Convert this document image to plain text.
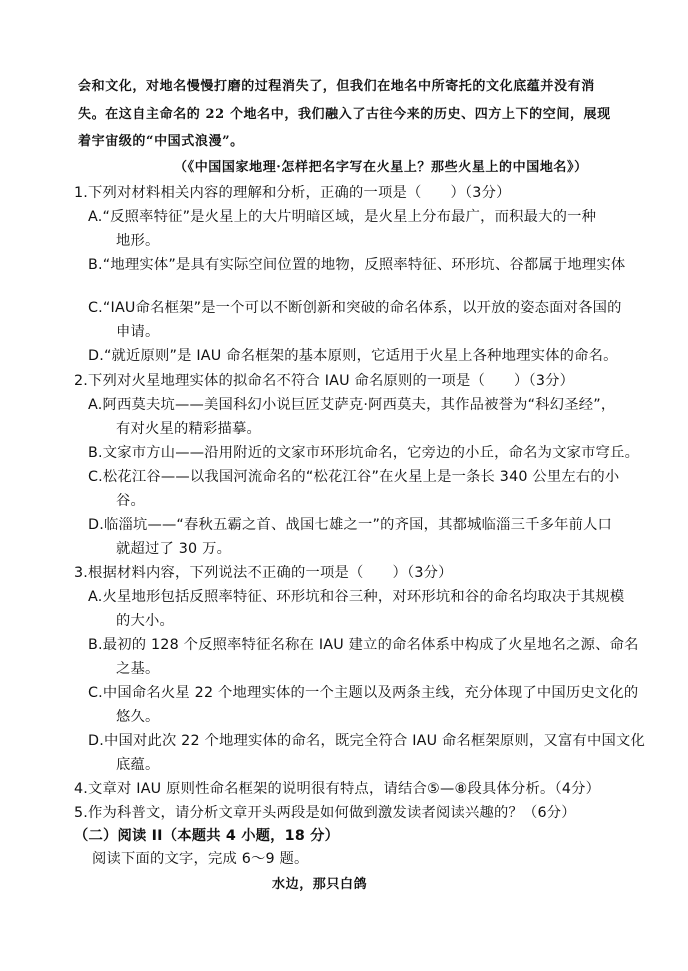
会和文化，对地名慢慢打磨的过程消失了，但我们在地名中所寄托的文化底蕴并没有消
失。在这自主命名的 22 个地名中，我们融入了古往今来的历史、四方上下的空间，展现
着宇宙级的“中国式浪漫”。
（《中国国家地理·怎样把名字写在火星上？那些火星上的中国地名》）
1.下列对材料相关内容的理解和分析，正确的一项是（　　）（3分）
A.“反照率特征”是火星上的大片明暗区域，是火星上分布最广，而积最大的一种
地形。
B.“地理实体”是具有实际空间位置的地物，反照率特征、环形坑、谷都属于地理实体
C.“IAU命名框架”是一个可以不断创新和突破的命名体系，以开放的姿态面对各国的
申请。
D.“就近原则”是 IAU 命名框架的基本原则，它适用于火星上各种地理实体的命名。
2.下列对火星地理实体的拟命名不符合 IAU 命名原则的一项是（　　）（3分）
A.阿西莫夫坑——美国科幻小说巨匠艾萨克·阿西莫夫，其作品被誉为“科幻圣经”，
有对火星的精彩描摹。
B.文家市方山——沿用附近的文家市环形坑命名，它旁边的小丘，命名为文家市穹丘。
C.松花江谷——以我国河流命名的“松花江谷”在火星上是一条长 340 公里左右的小
谷。
D.临淄坑——“春秋五霸之首、战国七雄之一”的齐国，其都城临淄三千多年前人口
就超过了 30 万。
3.根据材料内容，下列说法不正确的一项是（　　）（3分）
A.火星地形包括反照率特征、环形坑和谷三种，对环形坑和谷的命名均取决于其规模
的大小。
B.最初的 128 个反照率特征名称在 IAU 建立的命名体系中构成了火星地名之源、命名
之基。
C.中国命名火星 22 个地理实体的一个主题以及两条主线，充分体现了中国历史文化的
悠久。
D.中国对此次 22 个地理实体的命名，既完全符合 IAU 命名框架原则，又富有中国文化
底蕴。
4.文章对 IAU 原则性命名框架的说明很有特点，请结合⑤—⑧段具体分析。（4分）
5.作为科普文，请分析文章开头两段是如何做到激发读者阅读兴趣的？（6分）
（二）阅读 II（本题共 4 小题，18 分）
阅读下面的文字，完成 6～9 题。
水边，那只白鸽
